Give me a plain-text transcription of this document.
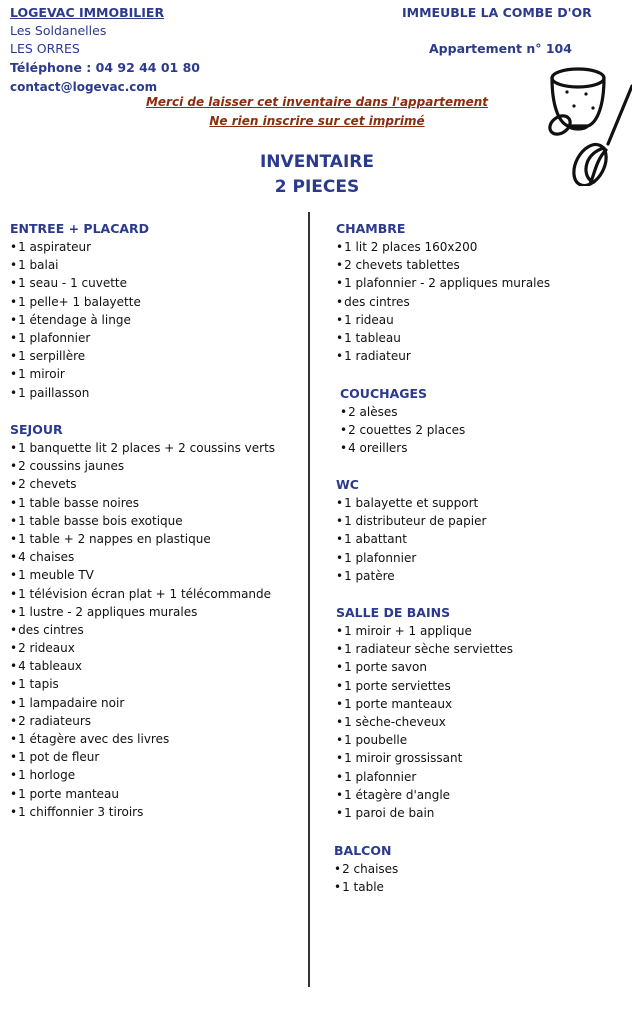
LOGEVAC IMMOBILIER
Les Soldanelles
LES ORRES
Téléphone : 04 92 44 01 80
contact@logevac.com
IMMEUBLE LA COMBE D'OR
Appartement n° 104
Merci de laisser cet inventaire dans l'appartement
Ne rien inscrire sur cet imprimé
INVENTAIRE
2 PIECES
ENTREE + PLACARD
• 1 aspirateur
• 1 balai
• 1 seau - 1 cuvette
• 1 pelle+ 1 balayette
• 1 étendage à linge
• 1 plafonnier
• 1 serpillère
• 1 miroir
• 1 paillasson
SEJOUR
• 1 banquette lit 2 places + 2 coussins verts
• 2 coussins jaunes
• 2 chevets
• 1 table basse noires
• 1 table basse bois exotique
• 1 table + 2 nappes en plastique
• 4 chaises
• 1 meuble TV
• 1 télévision écran plat + 1 télécommande
• 1 lustre - 2 appliques murales
• des cintres
• 2 rideaux
• 4 tableaux
• 1 tapis
• 1 lampadaire noir
• 2 radiateurs
• 1 étagère avec des livres
• 1 pot de fleur
• 1 horloge
• 1 porte manteau
• 1 chiffonnier 3 tiroirs
CHAMBRE
• 1 lit 2 places 160x200
• 2 chevets tablettes
• 1 plafonnier - 2 appliques murales
• des cintres
• 1 rideau
• 1 tableau
• 1 radiateur
COUCHAGES
• 2 alèses
• 2 couettes 2 places
• 4 oreillers
WC
• 1 balayette et support
• 1 distributeur de papier
• 1 abattant
• 1 plafonnier
• 1 patère
SALLE DE BAINS
• 1 miroir + 1 applique
• 1 radiateur sèche serviettes
• 1 porte savon
• 1 porte serviettes
• 1 porte manteaux
• 1 sèche-cheveux
• 1 poubelle
• 1 miroir grossissant
• 1 plafonnier
• 1 étagère d'angle
• 1 paroi de bain
BALCON
• 2 chaises
• 1 table
